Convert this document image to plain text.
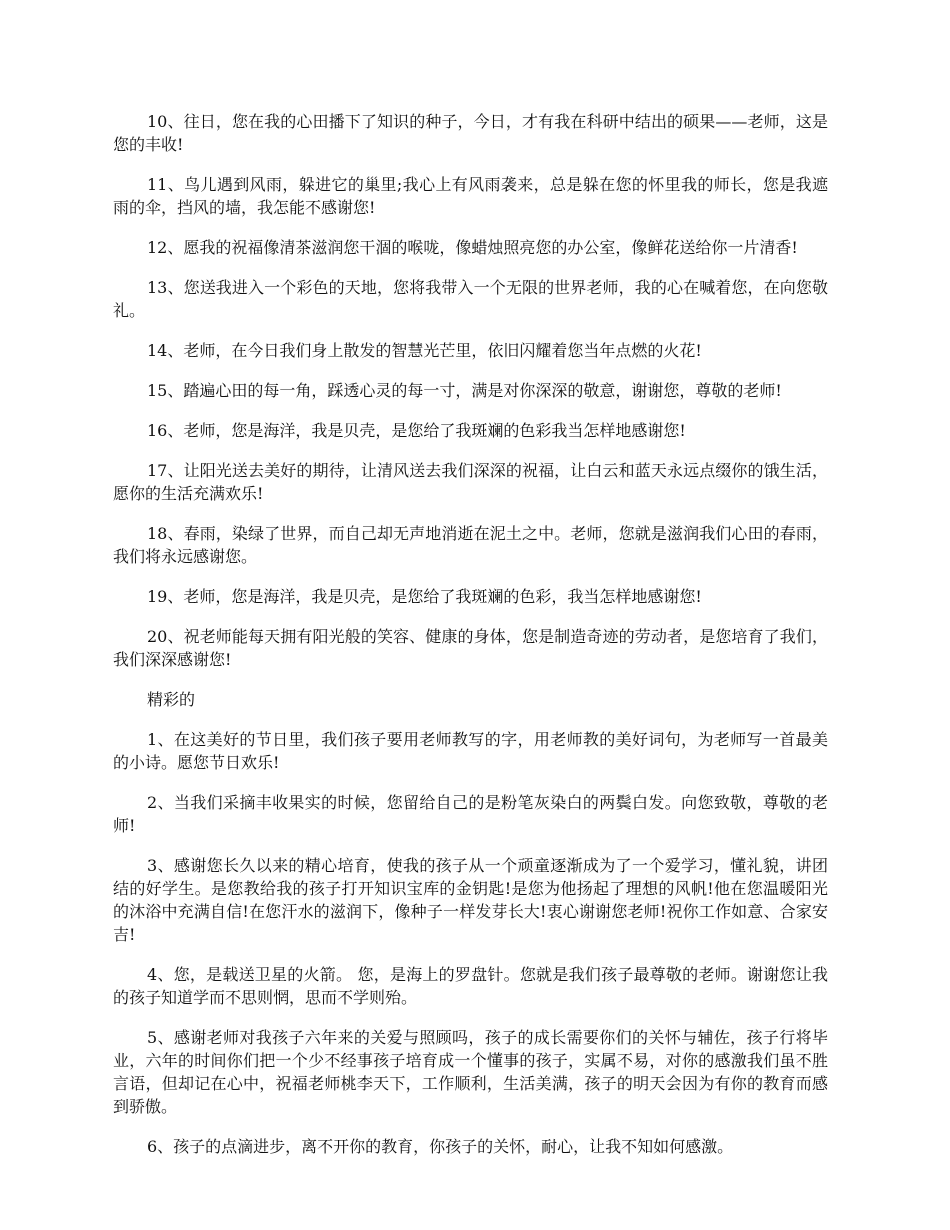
10、往日，您在我的心田播下了知识的种子，今日，才有我在科研中结出的硕果——老师，这是您的丰收!

11、鸟儿遇到风雨，躲进它的巢里;我心上有风雨袭来，总是躲在您的怀里我的师长，您是我遮雨的伞，挡风的墙，我怎能不感谢您!

12、愿我的祝福像清茶滋润您干涸的喉咙，像蜡烛照亮您的办公室，像鲜花送给你一片清香!

13、您送我进入一个彩色的天地，您将我带入一个无限的世界老师，我的心在喊着您，在向您敬礼。

14、老师，在今日我们身上散发的智慧光芒里，依旧闪耀着您当年点燃的火花!

15、踏遍心田的每一角，踩透心灵的每一寸，满是对你深深的敬意，谢谢您，尊敬的老师!

16、老师，您是海洋，我是贝壳，是您给了我斑斓的色彩我当怎样地感谢您!

17、让阳光送去美好的期待，让清风送去我们深深的祝福，让白云和蓝天永远点缀你的饿生活，愿你的生活充满欢乐!

18、春雨，染绿了世界，而自己却无声地消逝在泥土之中。老师，您就是滋润我们心田的春雨，我们将永远感谢您。

19、老师，您是海洋，我是贝壳，是您给了我斑斓的色彩，我当怎样地感谢您!

20、祝老师能每天拥有阳光般的笑容、健康的身体，您是制造奇迹的劳动者，是您培育了我们，我们深深感谢您!

精彩的

1、在这美好的节日里，我们孩子要用老师教写的字，用老师教的美好词句，为老师写一首最美的小诗。愿您节日欢乐!

2、当我们采摘丰收果实的时候，您留给自己的是粉笔灰染白的两鬓白发。向您致敬，尊敬的老师!

3、感谢您长久以来的精心培育，使我的孩子从一个顽童逐渐成为了一个爱学习，懂礼貌，讲团结的好学生。是您教给我的孩子打开知识宝库的金钥匙!是您为他扬起了理想的风帆!他在您温暖阳光的沐浴中充满自信!在您汗水的滋润下，像种子一样发芽长大!衷心谢谢您老师!祝你工作如意、合家安吉!

4、您，是载送卫星的火箭。 您，是海上的罗盘针。您就是我们孩子最尊敬的老师。谢谢您让我的孩子知道学而不思则惘，思而不学则殆。

5、感谢老师对我孩子六年来的关爱与照顾吗，孩子的成长需要你们的关怀与辅佐，孩子行将毕业，六年的时间你们把一个少不经事孩子培育成一个懂事的孩子，实属不易，对你的感激我们虽不胜言语，但却记在心中，祝福老师桃李天下，工作顺利，生活美满，孩子的明天会因为有你的教育而感到骄傲。

6、孩子的点滴进步，离不开你的教育，你孩子的关怀，耐心，让我不知如何感激。
